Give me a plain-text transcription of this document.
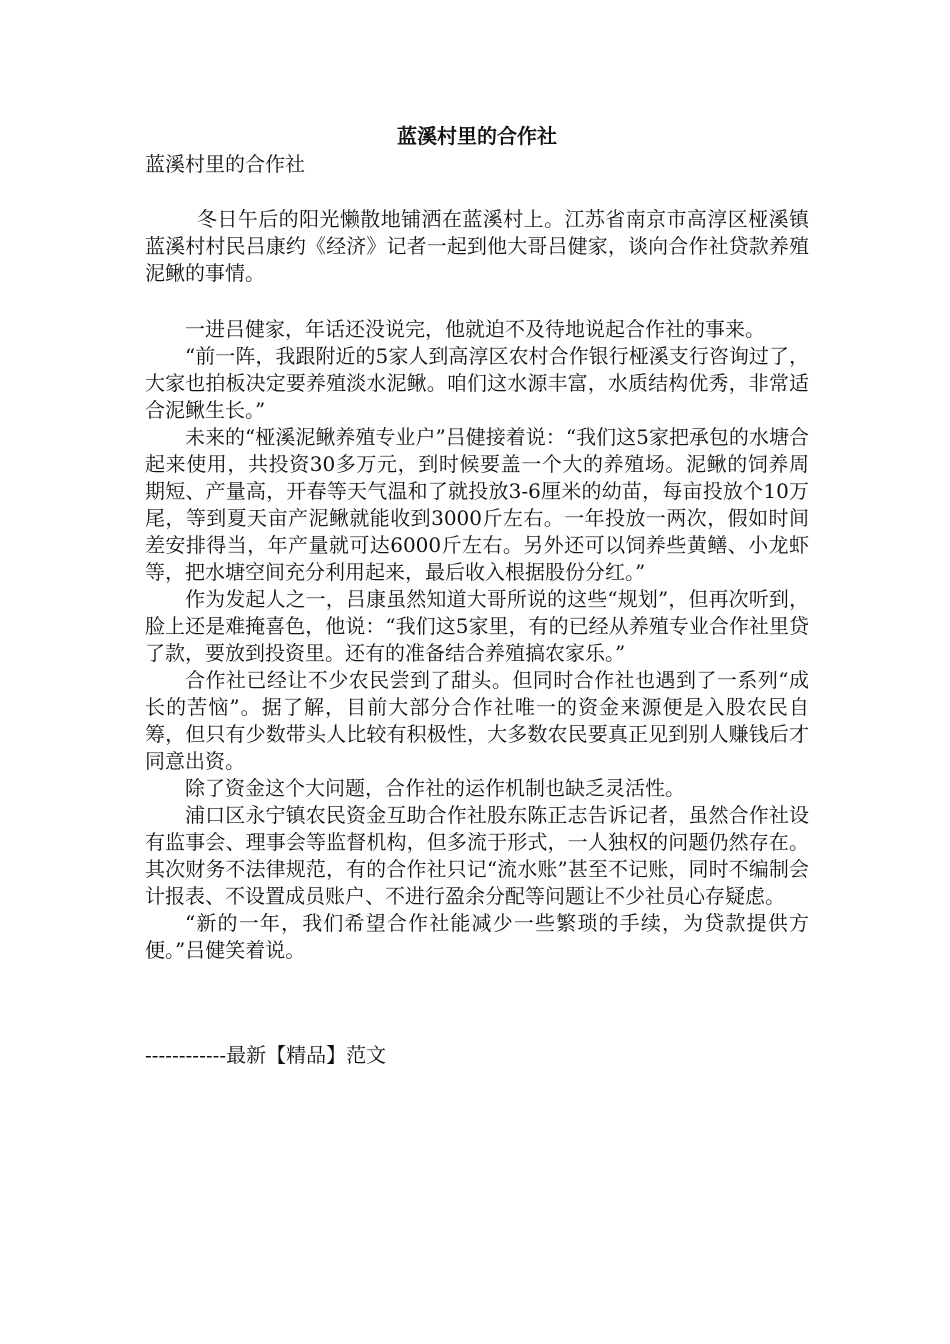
蓝溪村里的合作社

蓝溪村里的合作社

冬日午后的阳光懒散地铺洒在蓝溪村上。江苏省南京市高淳区桠溪镇蓝溪村村民吕康约《经济》记者一起到他大哥吕健家，谈向合作社贷款养殖泥鳅的事情。

一进吕健家，年话还没说完，他就迫不及待地说起合作社的事来。

“前一阵，我跟附近的5家人到高淳区农村合作银行桠溪支行咨询过了，大家也拍板决定要养殖淡水泥鳅。咱们这水源丰富，水质结构优秀，非常适合泥鳅生长。”

未来的“桠溪泥鳅养殖专业户”吕健接着说：“我们这5家把承包的水塘合起来使用，共投资30多万元，到时候要盖一个大的养殖场。泥鳅的饲养周期短、产量高，开春等天气温和了就投放3-6厘米的幼苗，每亩投放个10万尾，等到夏天亩产泥鳅就能收到3000斤左右。一年投放一两次，假如时间差安排得当，年产量就可达6000斤左右。另外还可以饲养些黄鳝、小龙虾等，把水塘空间充分利用起来，最后收入根据股份分红。”

作为发起人之一，吕康虽然知道大哥所说的这些“规划”，但再次听到，脸上还是难掩喜色，他说：“我们这5家里，有的已经从养殖专业合作社里贷了款，要放到投资里。还有的准备结合养殖搞农家乐。”

合作社已经让不少农民尝到了甜头。但同时合作社也遇到了一系列“成长的苦恼”。据了解，目前大部分合作社唯一的资金来源便是入股农民自筹，但只有少数带头人比较有积极性，大多数农民要真正见到别人赚钱后才同意出资。

除了资金这个大问题，合作社的运作机制也缺乏灵活性。

浦口区永宁镇农民资金互助合作社股东陈正志告诉记者，虽然合作社设有监事会、理事会等监督机构，但多流于形式，一人独权的问题仍然存在。其次财务不法律规范，有的合作社只记“流水账”甚至不记账，同时不编制会计报表、不设置成员账户、不进行盈余分配等问题让不少社员心存疑虑。

“新的一年，我们希望合作社能减少一些繁琐的手续，为贷款提供方便。”吕健笑着说。

------------最新【精品】范文
